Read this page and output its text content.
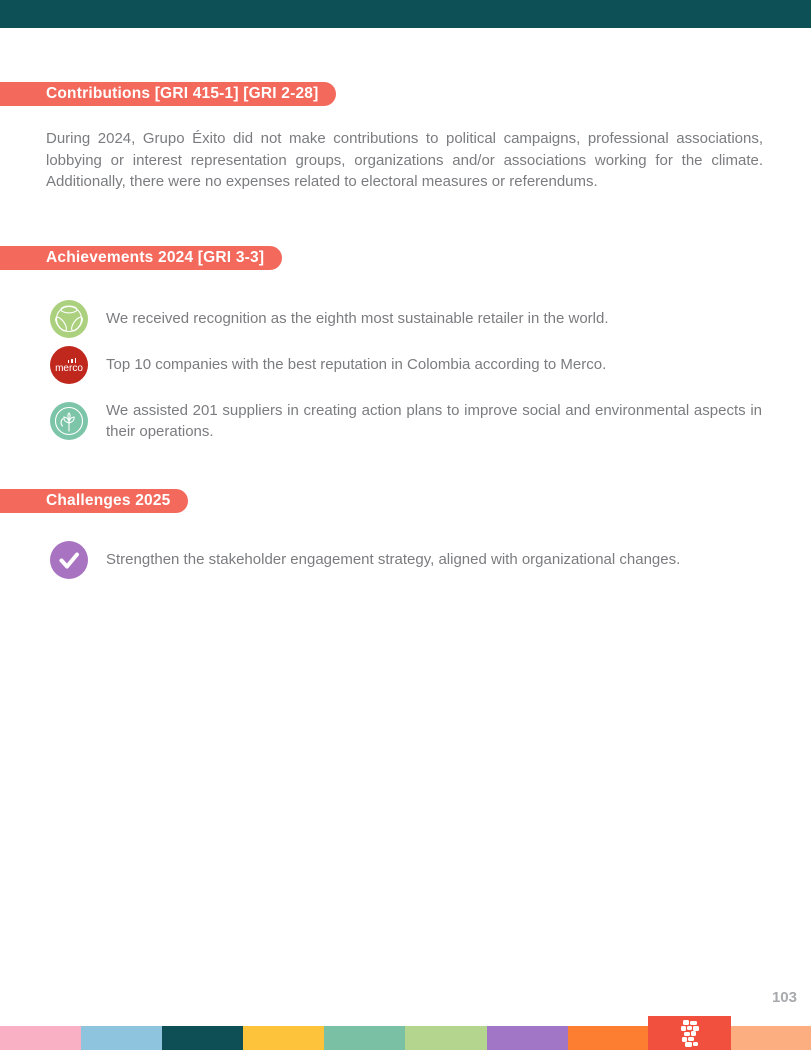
Contributions [GRI 415-1] [GRI 2-28]

During 2024, Grupo Éxito did not make contributions to political campaigns, professional associations, lobbying or interest representation groups, organizations and/or associations working for the climate. Additionally, there were no expenses related to electoral measures or referendums.

Achievements 2024 [GRI 3-3]
We received recognition as the eighth most sustainable retailer in the world.
merco Top 10 companies with the best reputation in Colombia according to Merco.
We assisted 201 suppliers in creating action plans to improve social and environmental aspects in their operations.
Challenges 2025
Strengthen the stakeholder engagement strategy, aligned with organizational changes.
103
